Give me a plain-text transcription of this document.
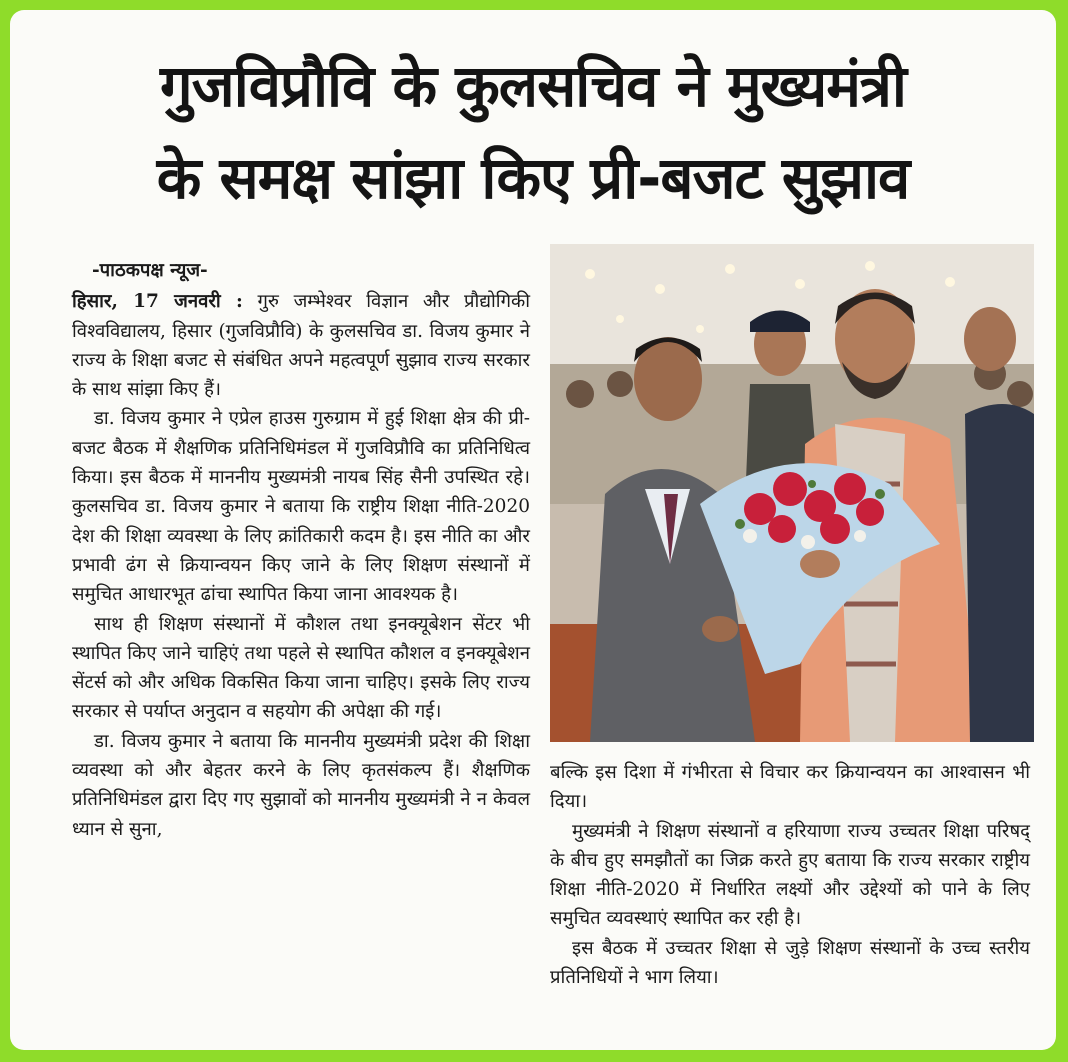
गुजविप्रौवि के कुलसचिव ने मुख्यमंत्री
के समक्ष सांझा किए प्री-बजट सुझाव
-पाठकपक्ष न्यूज-

हिसार, 17 जनवरी : गुरु जम्भेश्वर विज्ञान और प्रौद्योगिकी विश्वविद्यालय, हिसार (गुजविप्रौवि) के कुलसचिव डा. विजय कुमार ने राज्य के शिक्षा बजट से संबंधित अपने महत्वपूर्ण सुझाव राज्य सरकार के साथ सांझा किए हैं।

डा. विजय कुमार ने एप्रेल हाउस गुरुग्राम में हुई शिक्षा क्षेत्र की प्री-बजट बैठक में शैक्षणिक प्रतिनिधिमंडल में गुजविप्रौवि का प्रतिनिधित्व किया। इस बैठक में माननीय मुख्यमंत्री नायब सिंह सैनी उपस्थित रहे। कुलसचिव डा. विजय कुमार ने बताया कि राष्ट्रीय शिक्षा नीति-2020 देश की शिक्षा व्यवस्था के लिए क्रांतिकारी कदम है। इस नीति का और प्रभावी ढंग से क्रियान्वयन किए जाने के लिए शिक्षण संस्थानों में समुचित आधारभूत ढांचा स्थापित किया जाना आवश्यक है।

साथ ही शिक्षण संस्थानों में कौशल तथा इनक्यूबेशन सेंटर भी स्थापित किए जाने चाहिएं तथा पहले से स्थापित कौशल व इनक्यूबेशन सेंटर्स को और अधिक विकसित किया जाना चाहिए। इसके लिए राज्य सरकार से पर्याप्त अनुदान व सहयोग की अपेक्षा की गई।

डा. विजय कुमार ने बताया कि माननीय मुख्यमंत्री प्रदेश की शिक्षा व्यवस्था को और बेहतर करने के लिए कृतसंकल्प हैं। शैक्षणिक प्रतिनिधिमंडल द्वारा दिए गए सुझावों को माननीय मुख्यमंत्री ने न केवल ध्यान से सुना,

बल्कि इस दिशा में गंभीरता से विचार कर क्रियान्वयन का आश्वासन भी दिया।

मुख्यमंत्री ने शिक्षण संस्थानों व हरियाणा राज्य उच्चतर शिक्षा परिषद् के बीच हुए समझौतों का जिक्र करते हुए बताया कि राज्य सरकार राष्ट्रीय शिक्षा नीति-2020 में निर्धारित लक्ष्यों और उद्देश्यों को पाने के लिए समुचित व्यवस्थाएं स्थापित कर रही है।

इस बैठक में उच्चतर शिक्षा से जुड़े शिक्षण संस्थानों के उच्च स्तरीय प्रतिनिधियों ने भाग लिया।
